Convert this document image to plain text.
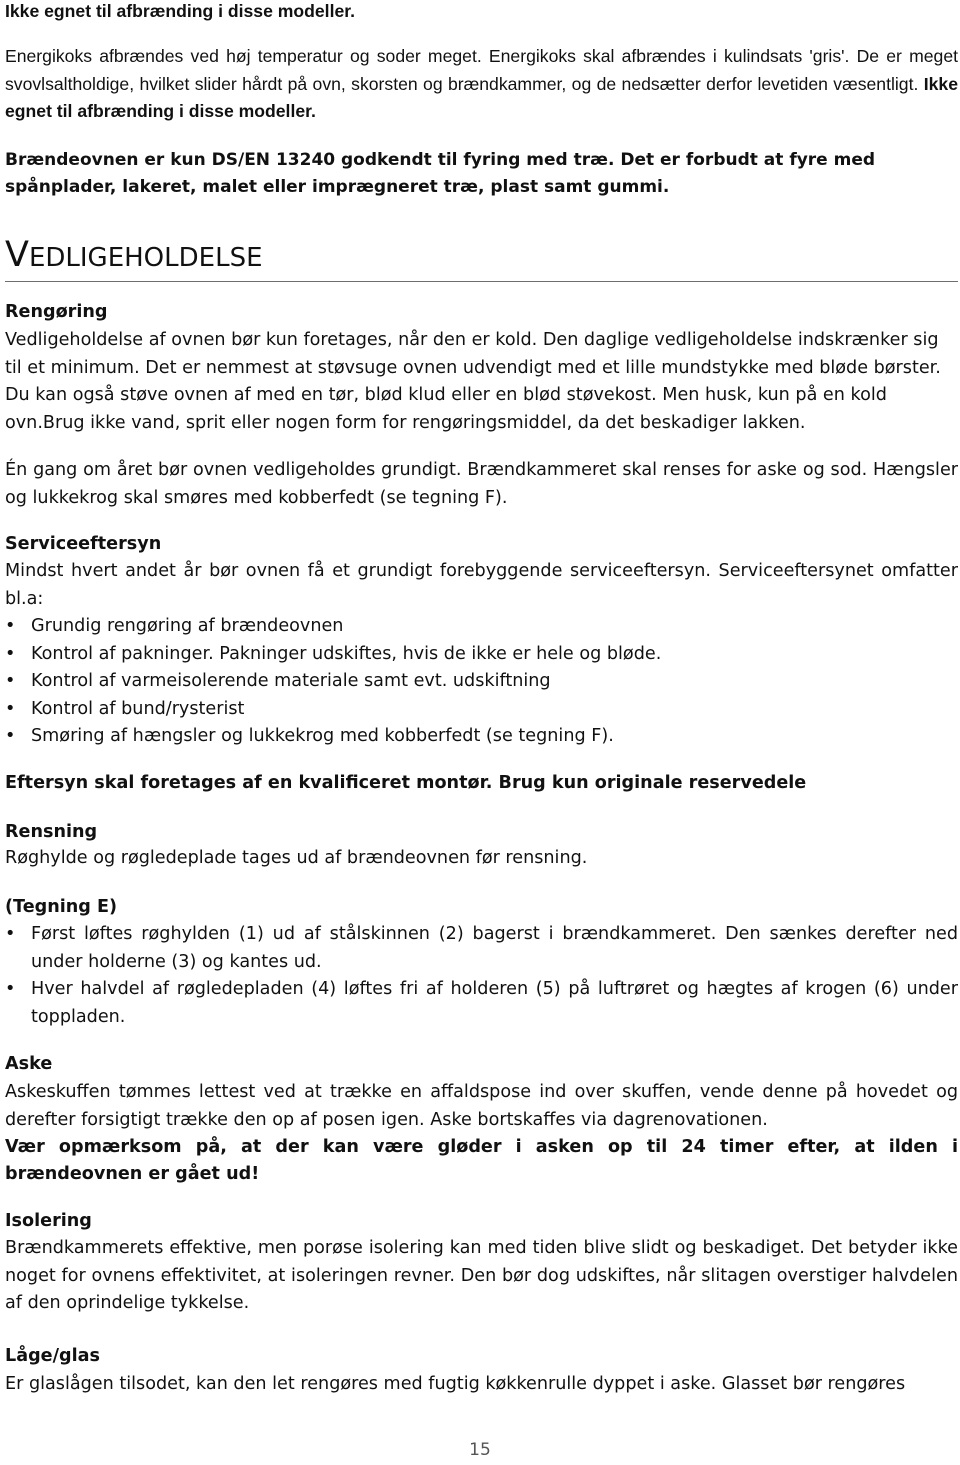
Ikke egnet til afbrænding i disse modeller.

Energikoks afbrændes ved høj temperatur og soder meget. Energikoks skal afbrændes i kulindsats 'gris'. De er meget svovlsaltholdige, hvilket slider hårdt på ovn, skorsten og brændkammer, og de nedsætter derfor levetiden væsentligt. Ikke egnet til afbrænding i disse modeller.

Brændeovnen er kun DS/EN 13240 godkendt til fyring med træ. Det er forbudt at fyre med spånplader, lakeret, malet eller imprægneret træ, plast samt gummi.

VEDLIGEHOLDELSE

Rengøring

Vedligeholdelse af ovnen bør kun foretages, når den er kold. Den daglige vedligeholdelse indskrænker sig til et minimum. Det er nemmest at støvsuge ovnen udvendigt med et lille mundstykke med bløde børster. Du kan også støve ovnen af med en tør, blød klud eller en blød støvekost. Men husk, kun på en kold ovn.Brug ikke vand, sprit eller nogen form for rengøringsmiddel, da det beskadiger lakken.

Én gang om året bør ovnen vedligeholdes grundigt. Brændkammeret skal renses for aske og sod. Hængsler og lukkekrog skal smøres med kobberfedt (se tegning F).

Serviceeftersyn

Mindst hvert andet år bør ovnen få et grundigt forebyggende serviceeftersyn. Serviceeftersynet omfatter bl.a:

• Grundig rengøring af brændeovnen
• Kontrol af pakninger. Pakninger udskiftes, hvis de ikke er hele og bløde.
• Kontrol af varmeisolerende materiale samt evt. udskiftning
• Kontrol af bund/rysterist
• Smøring af hængsler og lukkekrog med kobberfedt (se tegning F).

Eftersyn skal foretages af en kvalificeret montør. Brug kun originale reservedele

Rensning

Røghylde og røgledeplade tages ud af brændeovnen før rensning.

(Tegning E)

• Først løftes røghylden (1) ud af stålskinnen (2) bagerst i brændkammeret. Den sænkes derefter ned under holderne (3) og kantes ud.
• Hver halvdel af røgledepladen (4) løftes fri af holderen (5) på luftrøret og hægtes af krogen (6) under toppladen.

Aske

Askeskuffen tømmes lettest ved at trække en affaldspose ind over skuffen, vende denne på hovedet og derefter forsigtigt trække den op af posen igen. Aske bortskaffes via dagrenovationen.

Vær opmærksom på, at der kan være gløder i asken op til 24 timer efter, at ilden i brændeovnen er gået ud!

Isolering

Brændkammerets effektive, men porøse isolering kan med tiden blive slidt og beskadiget. Det betyder ikke noget for ovnens effektivitet, at isoleringen revner. Den bør dog udskiftes, når slitagen overstiger halvdelen af den oprindelige tykkelse.

Låge/glas

Er glaslågen tilsodet, kan den let rengøres med fugtig køkkenrulle dyppet i aske. Glasset bør rengøres

15
